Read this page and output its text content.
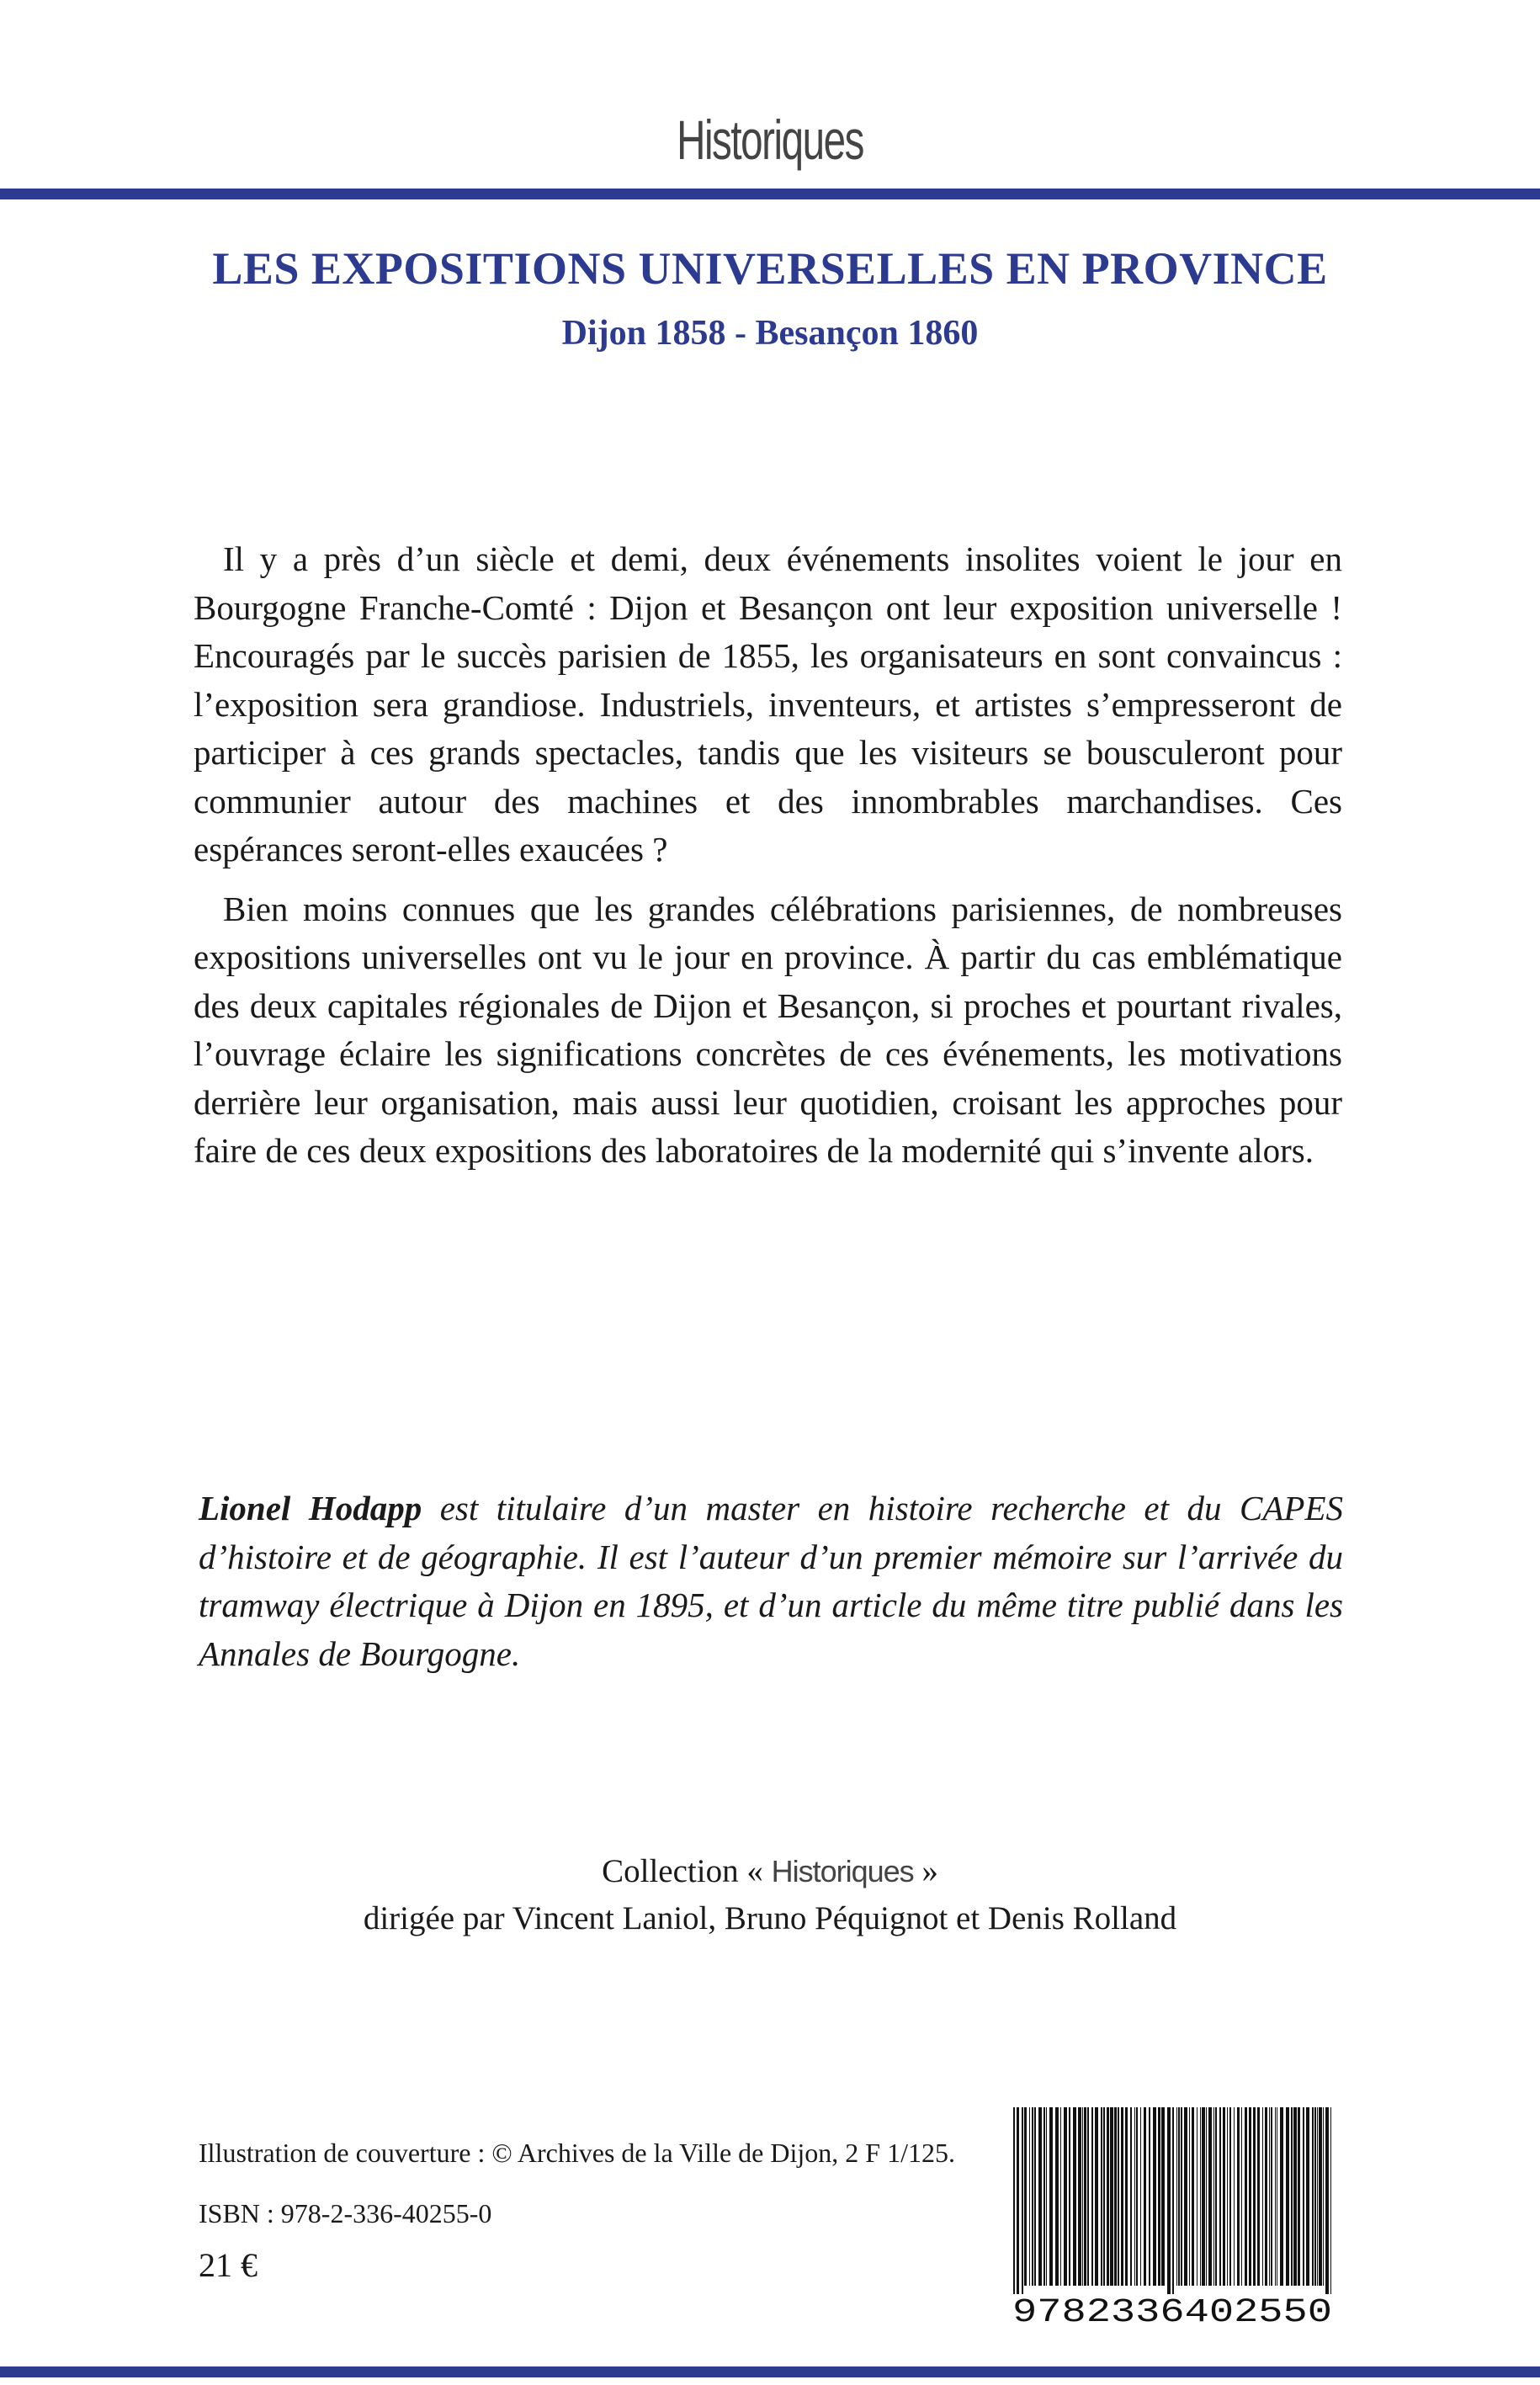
Historiques
LES EXPOSITIONS UNIVERSELLES EN PROVINCE
Dijon 1858 - Besançon 1860

Il y a près d’un siècle et demi, deux événements insolites voient le jour en Bourgogne Franche-Comté : Dijon et Besançon ont leur exposition universelle ! Encouragés par le succès parisien de 1855, les organisateurs en sont convaincus : l’exposition sera grandiose. Industriels, inventeurs, et artistes s’empresseront de participer à ces grands spectacles, tandis que les visiteurs se bousculeront pour communier autour des machines et des innombrables marchandises. Ces espérances seront-elles exaucées ?

Bien moins connues que les grandes célébrations parisiennes, de nombreuses expositions universelles ont vu le jour en province. À partir du cas emblématique des deux capitales régionales de Dijon et Besançon, si proches et pourtant rivales, l’ouvrage éclaire les significations concrètes de ces événements, les motivations derrière leur organisation, mais aussi leur quotidien, croisant les approches pour faire de ces deux expositions des laboratoires de la modernité qui s’invente alors.

Lionel Hodapp est titulaire d’un master en histoire recherche et du CAPES d’histoire et de géographie. Il est l’auteur d’un premier mémoire sur l’arrivée du tramway électrique à Dijon en 1895, et d’un article du même titre publié dans les Annales de Bourgogne.
Collection « Historiques »
dirigée par Vincent Laniol, Bruno Péquignot et Denis Rolland
Illustration de couverture : © Archives de la Ville de Dijon, 2 F 1/125.
ISBN : 978-2-336-40255-0
21 €
9782336402550
